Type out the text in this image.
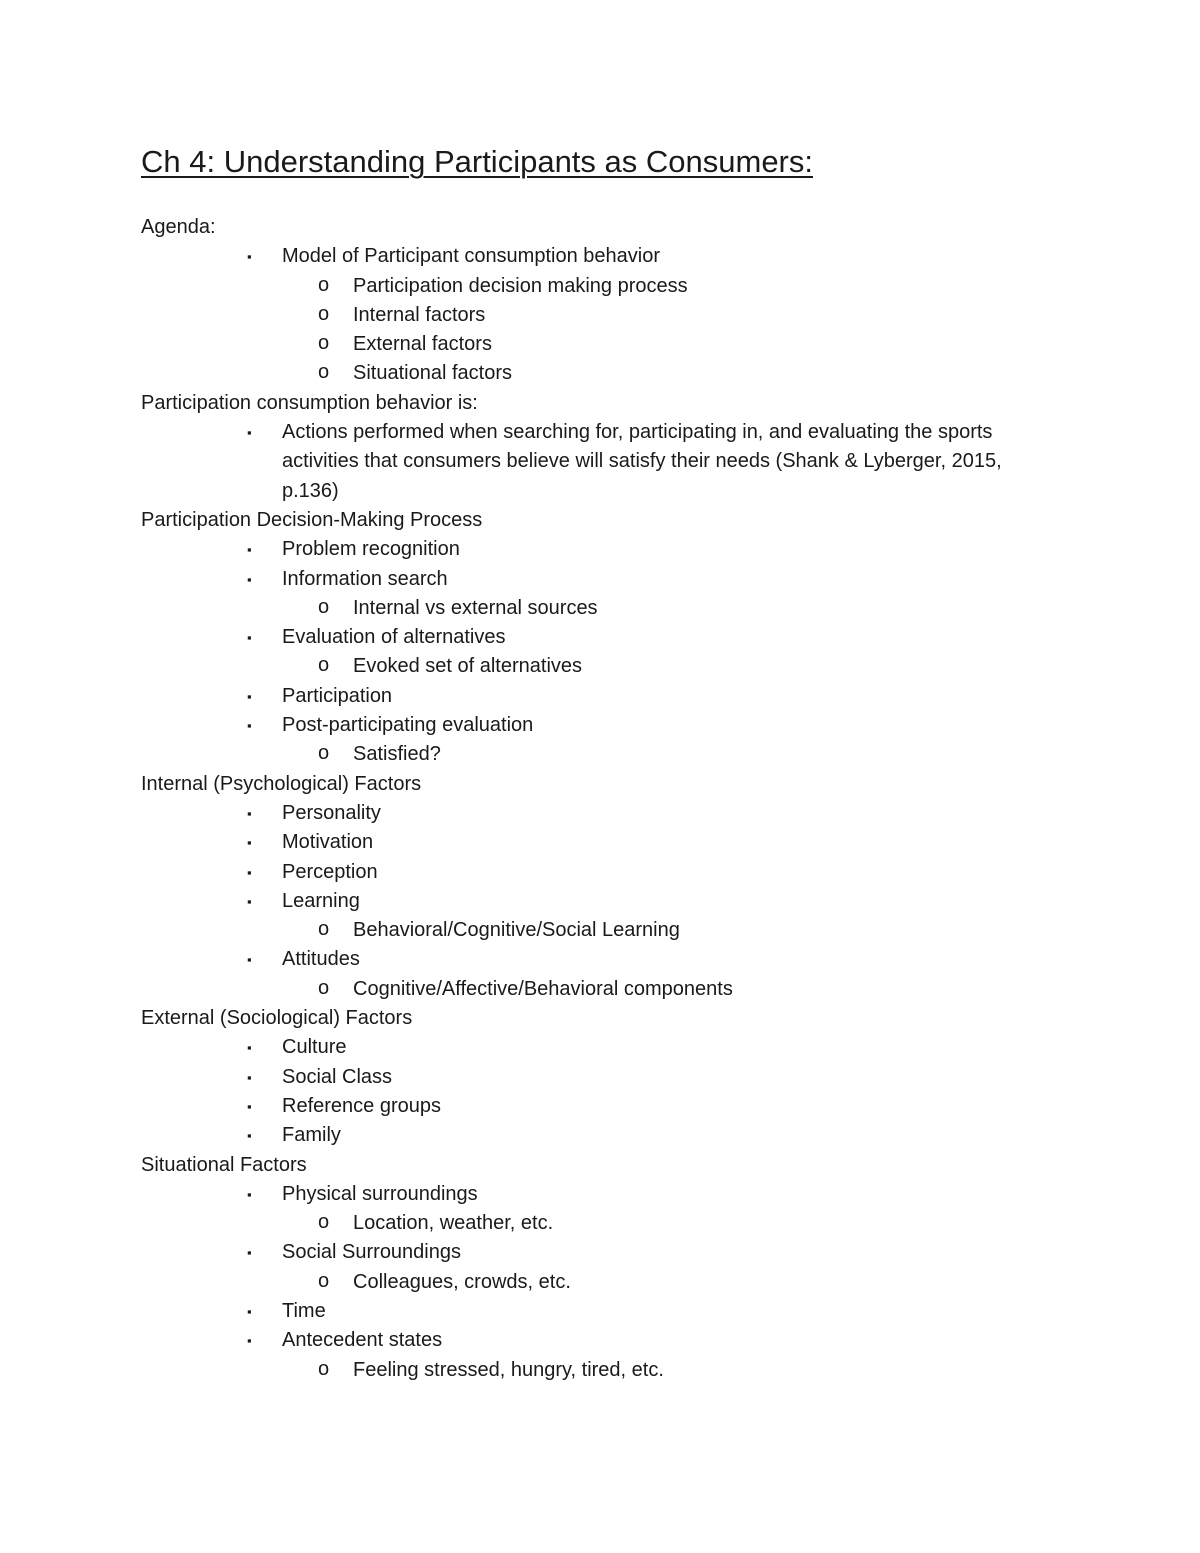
Ch 4: Understanding Participants as Consumers:
Agenda:
▪ Model of Participant consumption behavior
o Participation decision making process
o Internal factors
o External factors
o Situational factors
Participation consumption behavior is:
▪ Actions performed when searching for, participating in, and evaluating the sports
activities that consumers believe will satisfy their needs (Shank & Lyberger, 2015,
p.136)
Participation Decision-Making Process
▪ Problem recognition
▪ Information search
o Internal vs external sources
▪ Evaluation of alternatives
o Evoked set of alternatives
▪ Participation
▪ Post-participating evaluation
o Satisfied?
Internal (Psychological) Factors
▪ Personality
▪ Motivation
▪ Perception
▪ Learning
o Behavioral/Cognitive/Social Learning
▪ Attitudes
o Cognitive/Affective/Behavioral components
External (Sociological) Factors
▪ Culture
▪ Social Class
▪ Reference groups
▪ Family
Situational Factors
▪ Physical surroundings
o Location, weather, etc.
▪ Social Surroundings
o Colleagues, crowds, etc.
▪ Time
▪ Antecedent states
o Feeling stressed, hungry, tired, etc.
